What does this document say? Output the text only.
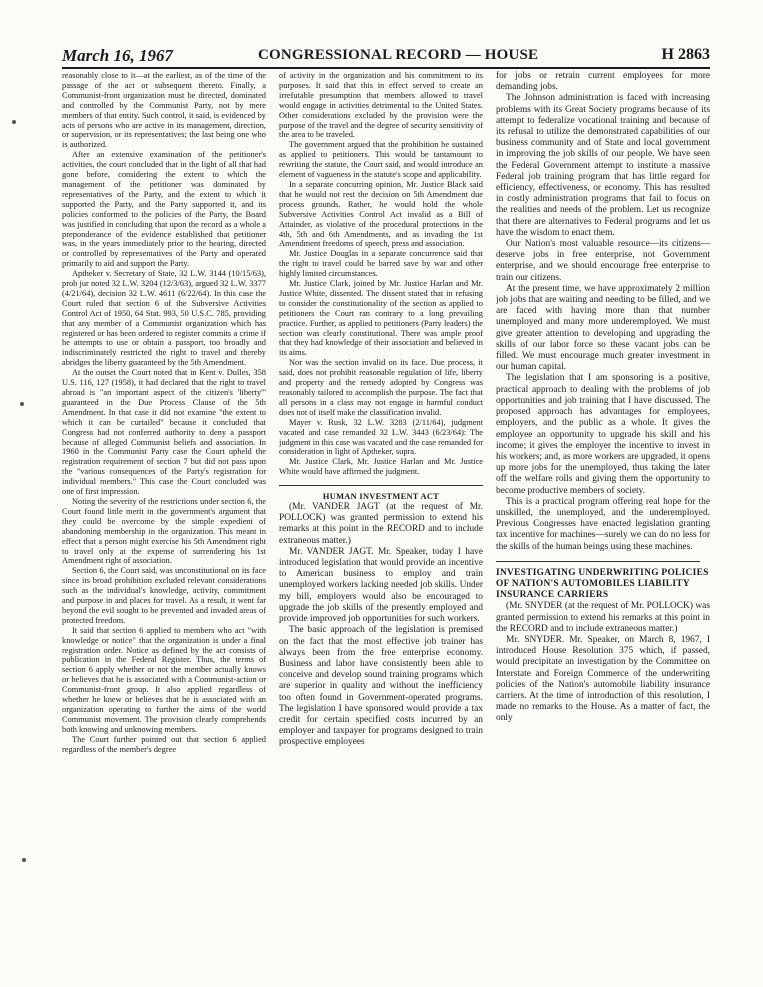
March 16, 1967	CONGRESSIONAL RECORD — HOUSE	H 2863

reasonably close to it—at the earliest, as of the time of the passage of the act or subsequent thereto. Finally, a Communist-front organization must be directed, dominated and controlled by the Communist Party, not by mere members of that entity. Such control, it said, is evidenced by acts of persons who are active in its management, direction, or supervision, or its representatives; the last being one who is authorized.

After an extensive examination of the petitioner's activities, the court concluded that in the light of all that had gone before, considering the extent to which the management of the petitioner was dominated by representatives of the Party, and the extent to which it supported the Party, and the Party supported it, and its policies conformed to the policies of the Party, the Board was justified in concluding that upon the record as a whole a preponderance of the evidence established that petitioner was, in the years immediately prior to the hearing, directed or controlled by representatives of the Party and operated primarily to aid and support the Party.

Aptheker v. Secretary of State, 32 L.W. 3144 (10/15/63), prob jur noted 32 L.W. 3204 (12/3/63), argued 32 L.W. 3377 (4/21/64), decision 32 L.W. 4611 (6/22/64). In this case the Court ruled that section 6 of the Subversive Activities Control Act of 1950, 64 Stat. 993, 50 U.S.C. 785, providing that any member of a Communist organization which has registered or has been ordered to register commits a crime if he attempts to use or obtain a passport, too broadly and indiscriminately restricted the right to travel and thereby abridges the liberty guaranteed by the 5th Amendment.

At the outset the Court noted that in Kent v. Dulles, 358 U.S. 116, 127 (1958), it had declared that the right to travel abroad is "an important aspect of the citizen's 'liberty'" guaranteed in the Due Process Clause of the 5th Amendment. In that case it did not examine "the extent to which it can be curtailed" because it concluded that Congress had not conferred authority to deny a passport because of alleged Communist beliefs and association. In 1960 in the Communist Party case the Court upheld the registration requirement of section 7 but did not pass upon the "various consequences of the Party's registration for individual members." This case the Court concluded was one of first impression.

Noting the severity of the restrictions under section 6, the Court found little merit in the government's argument that they could be overcome by the simple expedient of abandoning membership in the organization. This meant in effect that a person might exercise his 5th Amendment right to travel only at the expense of surrendering his 1st Amendment right of association.

Section 6, the Court said, was unconstitutional on its face since its broad prohibition excluded relevant considerations such as the individual's knowledge, activity, commitment and purpose in and places for travel. As a result, it went far beyond the evil sought to be prevented and invaded areas of protected freedom.

It said that section 6 applied to members who act "with knowledge or notice" that the organization is under a final registration order. Notice as defined by the act consists of publication in the Federal Register. Thus, the terms of section 6 apply whether or not the member actually knows or believes that he is associated with a Communist-action or Communist-front group. It also applied regardless of whether he knew or believes that he is associated with an organization operating to further the aims of the world Communist movement. The provision clearly comprehends both knowing and unknowing members.

The Court further pointed out that section 6 applied regardless of the member's degree

of activity in the organization and his commitment to its purposes. It said that this in effect served to create an irrefutable presumption that members allowed to travel would engage in activities detrimental to the United States. Other considerations excluded by the provision were the purpose of the travel and the degree of security sensitivity of the area to be traveled.

The government argued that the prohibition be sustained as applied to petitioners. This would be tantamount to rewriting the statute, the Court said, and would introduce an element of vagueness in the statute's scope and applicability.

In a separate concurring opinion, Mr. Justice Black said that he would not rest the decision on 5th Amendment due process grounds. Rather, he would hold the whole Subversive Activities Control Act invalid as a Bill of Attainder, as violative of the procedural protections in the 4th, 5th and 6th Amendments, and as invading the 1st Amendment freedoms of speech, press and association.

Mr. Justice Douglas in a separate concurrence said that the right to travel could be barred save by war and other highly limited circumstances.

Mr. Justice Clark, joined by Mr. Justice Harlan and Mr. Justice White, dissented. The dissent stated that in refusing to consider the constitutionality of the section as applied to petitioners the Court ran contrary to a long prevailing practice. Further, as applied to petitioners (Party leaders) the section was clearly constitutional. There was ample proof that they had knowledge of their association and believed in its aims.

Nor was the section invalid on its face. Due process, it said, does not prohibit reasonable regulation of life, liberty and property and the remedy adopted by Congress was reasonably tailored to accomplish the purpose. The fact that all persons in a class may not engage in harmful conduct does not of itself make the classification invalid.

Mayer v. Rusk, 32 L.W. 3283 (2/11/64), judgment vacated and case remanded 32 L.W. 3443 (6/23/64): The judgment in this case was vacated and the case remanded for consideration in light of Aptheker, supra.

Mr. Justice Clark, Mr. Justice Harlan and Mr. Justice White would have affirmed the judgment.

HUMAN INVESTMENT ACT

(Mr. VANDER JAGT (at the request of Mr. POLLOCK) was granted permission to extend his remarks at this point in the RECORD and to include extraneous matter.)

Mr. VANDER JAGT. Mr. Speaker, today I have introduced legislation that would provide an incentive to American business to employ and train unemployed workers lacking needed job skills. Under my bill, employers would also be encouraged to upgrade the job skills of the presently employed and provide improved job opportunities for such workers.

The basic approach of the legislation is premised on the fact that the most effective job trainer has always been from the free enterprise economy. Business and labor have consistently been able to conceive and develop sound training programs which are superior in quality and without the inefficiency too often found in Government-operated programs. The legislation I have sponsored would provide a tax credit for certain specified costs incurred by an employer and taxpayer for programs designed to train prospective employees

for jobs or retrain current employees for more demanding jobs.

The Johnson administration is faced with increasing problems with its Great Society programs because of its attempt to federalize vocational training and because of its refusal to utilize the demonstrated capabilities of our business community and of State and local government in improving the job skills of our people. We have seen the Federal Government attempt to institute a massive Federal job training program that has little regard for efficiency, effectiveness, or economy. This has resulted in costly administration programs that fail to focus on the realities and needs of the problem. Let us recognize that there are alternatives to Federal programs and let us have the wisdom to enact them.

Our Nation's most valuable resource—its citizens—deserve jobs in free enterprise, not Government enterprise, and we should encourage free enterprise to train our citizens.

At the present time, we have approximately 2 million job jobs that are waiting and needing to be filled, and we are faced with having more than that number unemployed and many more underemployed. We must give greater attention to developing and upgrading the skills of our labor force so these vacant jobs can be filled. We must encourage much greater investment in our human capital.

The legislation that I am sponsoring is a positive, practical approach to dealing with the problems of job opportunities and job training that I have discussed. The proposed approach has advantages for employees, employers, and the public as a whole. It gives the employee an opportunity to upgrade his skill and his income; it gives the employer the incentive to invest in his workers; and, as more workers are upgraded, it opens up more jobs for the unemployed, thus taking the later off the welfare rolls and giving them the opportunity to become productive members of society.

This is a practical program offering real hope for the unskilled, the unemployed, and the underemployed. Previous Congresses have enacted legislation granting tax incentive for machines—surely we can do no less for the skills of the human beings using these machines.

INVESTIGATING UNDERWRITING POLICIES OF NATION'S AUTOMOBILES LIABILITY INSURANCE CARRIERS

(Mr. SNYDER (at the request of Mr. POLLOCK) was granted permission to extend his remarks at this point in the RECORD and to include extraneous matter.)

Mr. SNYDER. Mr. Speaker, on March 8, 1967, I introduced House Resolution 375 which, if passed, would precipitate an investigation by the Committee on Interstate and Foreign Commerce of the underwriting policies of the Nation's automobile liability insurance carriers. At the time of introduction of this resolution, I made no remarks to the House. As a matter of fact, the only
